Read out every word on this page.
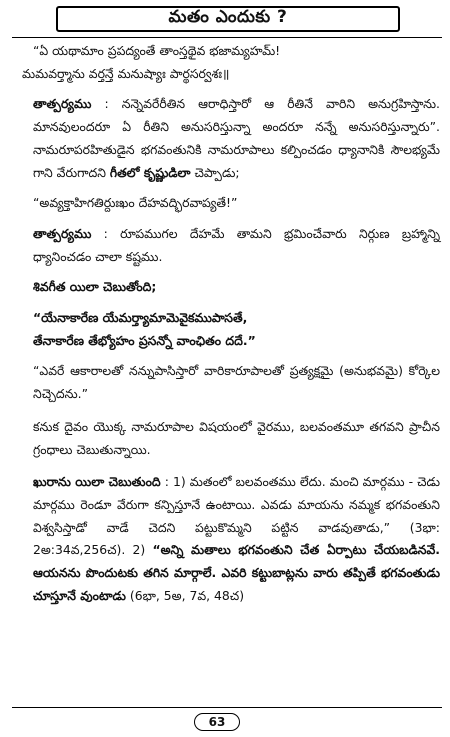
మతం ఎందుకు ?

“ఏ యథామాం ప్రపద్యంతే తాంస్తథైవ భజామ్యహమ్!

మమవర్త్మాను వర్తన్తే మనుష్యాః పార్థసర్వశః॥

తాత్పర్యము : నన్నెవరేరీతిన ఆరాధిస్తారో ఆ రీతినే వారిని అనుగ్రహిస్తాను. మానవులందరూ ఏ రీతిని అనుసరిస్తున్నా అందరూ నన్నే అనుసరిస్తున్నారు”. నామరూపరహితుడైన భగవంతునికి నామరూపాలు కల్పించడం ధ్యానానికి సౌలభ్యమే గాని వేరుగాదని గీతలో కృష్ణుడిలా చెప్పాడు;

“అవ్యక్తాహిగతిర్దుఃఖం దేహవద్భిరవాప్యతే!”

తాత్పర్యము : రూపముగల దేహమే తామని భ్రమించేవారు నిర్గుణ బ్రహ్మాన్ని ధ్యానించడం చాలా కష్టము.

శివగీత యిలా చెబుతోంది;

“యేనాకారేణ యేమర్త్యామామెవైకముపాసతే,

తేనాకారేణ తేభ్యోహం ప్రసన్నో వాంఛితం దదే.”

“ఎవరే ఆకారాలతో నన్నుపాసిస్తారో వారికారూపాలతో ప్రత్యక్షమై (అనుభవమై) కోర్కెల నిచ్చెదను.”

కనుక దైవం యొక్క నామరూపాల విషయంలో వైరము, బలవంతమూ తగవని ప్రాచీన గ్రంధాలు చెబుతున్నాయి.

ఖురాను యిలా చెబుతుంది : 1) మతంలో బలవంతము లేదు. మంచి మార్గము - చెడు మార్గము రెండూ వేరుగా కన్పిస్తూనే ఉంటాయి. ఎవడు మాయను నమ్మక భగవంతుని విశ్వసిస్తాడో వాడే చెదని పట్టుకొమ్మని పట్టిన వాడవుతాడు,” (3భా: 2అ:34వ,256చ). 2) “అన్ని మతాలు భగవంతుని చేత ఏర్పాటు చేయబడినవే. ఆయనను పొందుటకు తగిన మార్గాలే. ఎవరి కట్టుబాట్లను వారు తప్పితే భగవంతుడు చూస్తూనే వుంటాడు (6భా, 5అ, 7వ, 48చ)

63
